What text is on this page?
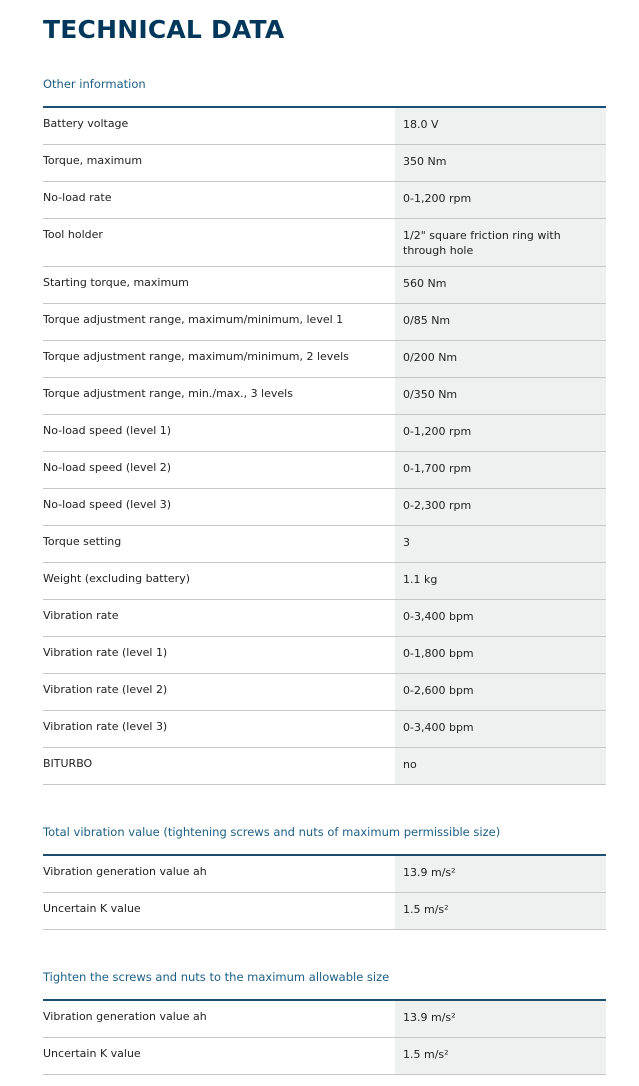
TECHNICAL DATA
Other information
Battery voltage	18.0 V
Torque, maximum	350 Nm
No-load rate	0-1,200 rpm
Tool holder	1/2" square friction ring with through hole
Starting torque, maximum	560 Nm
Torque adjustment range, maximum/minimum, level 1	0/85 Nm
Torque adjustment range, maximum/minimum, 2 levels	0/200 Nm
Torque adjustment range, min./max., 3 levels	0/350 Nm
No-load speed (level 1)	0-1,200 rpm
No-load speed (level 2)	0-1,700 rpm
No-load speed (level 3)	0-2,300 rpm
Torque setting	3
Weight (excluding battery)	1.1 kg
Vibration rate	0-3,400 bpm
Vibration rate (level 1)	0-1,800 bpm
Vibration rate (level 2)	0-2,600 bpm
Vibration rate (level 3)	0-3,400 bpm
BITURBO	no
Total vibration value (tightening screws and nuts of maximum permissible size)
Vibration generation value ah	13.9 m/s²
Uncertain K value	1.5 m/s²
Tighten the screws and nuts to the maximum allowable size
Vibration generation value ah	13.9 m/s²
Uncertain K value	1.5 m/s²
